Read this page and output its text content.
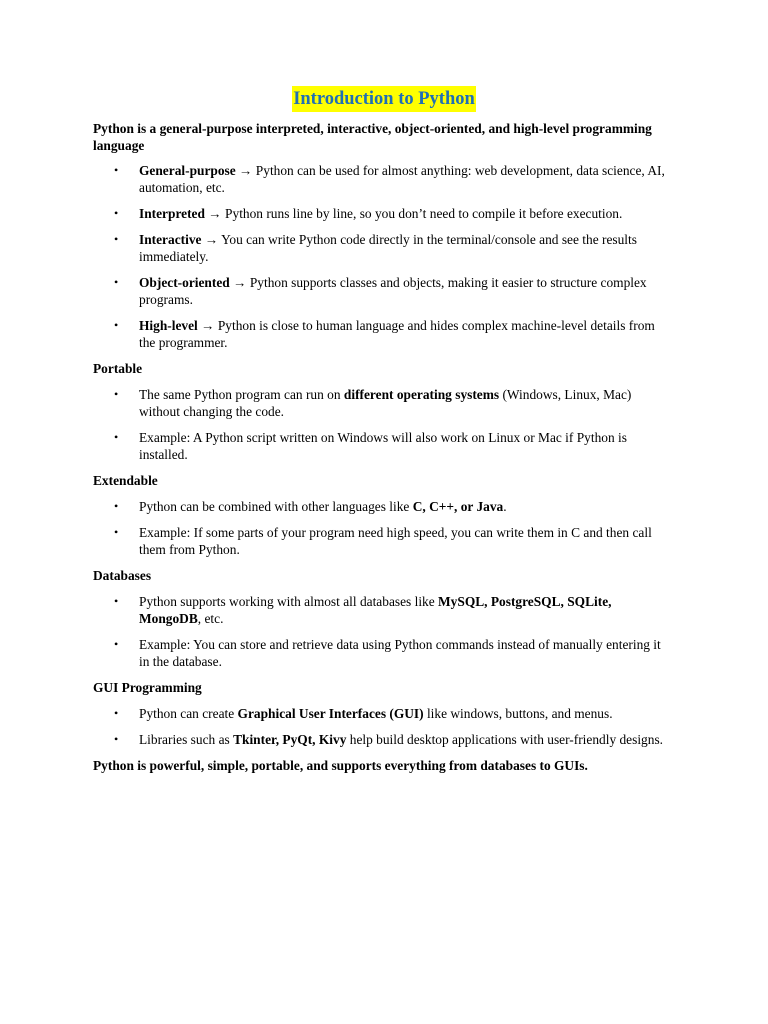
Introduction to Python

Python is a general-purpose interpreted, interactive, object-oriented, and high-level programming language

• General-purpose → Python can be used for almost anything: web development, data science, AI, automation, etc.
• Interpreted → Python runs line by line, so you don’t need to compile it before execution.
• Interactive → You can write Python code directly in the terminal/console and see the results immediately.
• Object-oriented → Python supports classes and objects, making it easier to structure complex programs.
• High-level → Python is close to human language and hides complex machine-level details from the programmer.

Portable

• The same Python program can run on different operating systems (Windows, Linux, Mac) without changing the code.
• Example: A Python script written on Windows will also work on Linux or Mac if Python is installed.

Extendable

• Python can be combined with other languages like C, C++, or Java.
• Example: If some parts of your program need high speed, you can write them in C and then call them from Python.

Databases

• Python supports working with almost all databases like MySQL, PostgreSQL, SQLite, MongoDB, etc.
• Example: You can store and retrieve data using Python commands instead of manually entering it in the database.

GUI Programming

• Python can create Graphical User Interfaces (GUI) like windows, buttons, and menus.
• Libraries such as Tkinter, PyQt, Kivy help build desktop applications with user-friendly designs.

Python is powerful, simple, portable, and supports everything from databases to GUIs.
